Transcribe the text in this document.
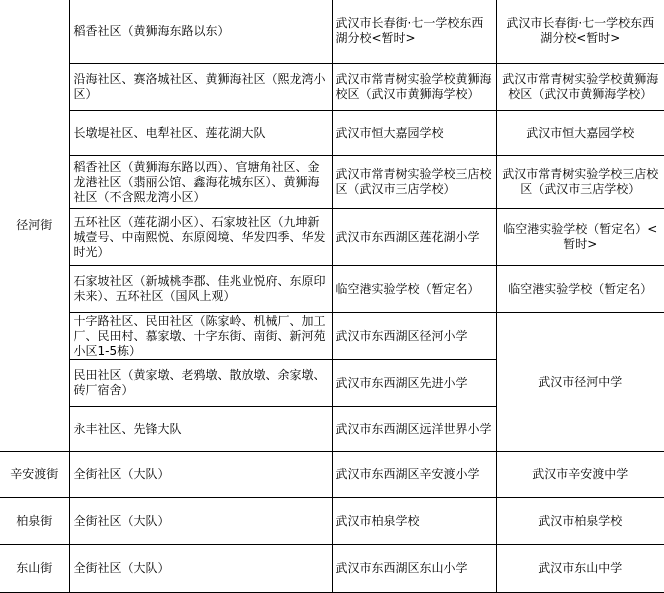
径河街	稻香社区（黄狮海东路以东）	武汉市长春街·七一学校东西湖分校<暂时>	武汉市长春街·七一学校东西湖分校<暂时>
	沿海社区、赛洛城社区、黄狮海社区（熙龙湾小区）	武汉市常青树实验学校黄狮海校区（武汉市黄狮海学校）	武汉市常青树实验学校黄狮海校区（武汉市黄狮海学校）
	长墩堤社区、电犁社区、莲花湖大队	武汉市恒大嘉园学校	武汉市恒大嘉园学校
	稻香社区（黄狮海东路以西）、官塘角社区、金龙港社区（翡丽公馆、鑫海花城东区）、黄狮海社区（不含熙龙湾小区）	武汉市常青树实验学校三店校区（武汉市三店学校）	武汉市常青树实验学校三店校区（武汉市三店学校）
	五环社区（莲花湖小区）、石家坡社区（九坤新城壹号、中南熙悦、东原阅境、华发四季、华发时光）	武汉市东西湖区莲花湖小学	临空港实验学校（暂定名）<暂时>
	石家坡社区（新城桃李郡、佳兆业悦府、东原印未来）、五环社区（国风上观）	临空港实验学校（暂定名）	临空港实验学校（暂定名）
	十字路社区、民田社区（陈家岭、机械厂、加工厂、民田村、慕家墩、十字东街、南街、新河苑小区1-5栋）	武汉市东西湖区径河小学	武汉市径河中学
	民田社区（黄家墩、老鸦墩、散放墩、余家墩、砖厂宿舍）	武汉市东西湖区先进小学	
	永丰社区、先锋大队	武汉市东西湖区远洋世界小学	
辛安渡街	全街社区（大队）	武汉市东西湖区辛安渡小学	武汉市辛安渡中学
柏泉街	全街社区（大队）	武汉市柏泉学校	武汉市柏泉学校
东山街	全街社区（大队）	武汉市东西湖区东山小学	武汉市东山中学
